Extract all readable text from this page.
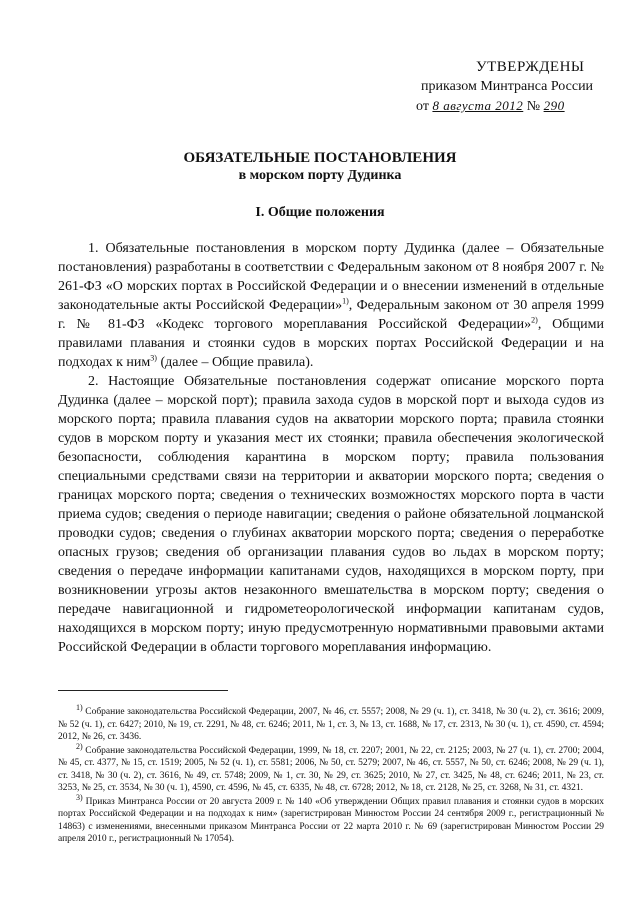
УТВЕРЖДЕНЫ
приказом Минтранса России
от 8 августа 2012 № 290
ОБЯЗАТЕЛЬНЫЕ ПОСТАНОВЛЕНИЯ
в морском порту Дудинка
I. Общие положения

1. Обязательные постановления в морском порту Дудинка (далее – Обязательные постановления) разработаны в соответствии с Федеральным законом от 8 ноября 2007 г. № 261-ФЗ «О морских портах в Российской Федерации и о внесении изменений в отдельные законодательные акты Российской Федерации»$^{1)}$, Федеральным законом от 30 апреля 1999 г. № 81-ФЗ «Кодекс торгового мореплавания Российской Федерации»$^{2)}$, Общими правилами плавания и стоянки судов в морских портах Российской Федерации и на подходах к ним$^{3)}$ (далее – Общие правила).

2. Настоящие Обязательные постановления содержат описание морского порта Дудинка (далее – морской порт); правила захода судов в морской порт и выхода судов из морского порта; правила плавания судов на акватории морского порта; правила стоянки судов в морском порту и указания мест их стоянки; правила обеспечения экологической безопасности, соблюдения карантина в морском порту; правила пользования специальными средствами связи на территории и акватории морского порта; сведения о границах морского порта; сведения о технических возможностях морского порта в части приема судов; сведения о периоде навигации; сведения о районе обязательной лоцманской проводки судов; сведения о глубинах акватории морского порта; сведения о переработке опасных грузов; сведения об организации плавания судов во льдах в морском порту; сведения о передаче информации капитанами судов, находящихся в морском порту, при возникновении угрозы актов незаконного вмешательства в морском порту; сведения о передаче навигационной и гидрометеорологической информации капитанам судов, находящихся в морском порту; иную предусмотренную нормативными правовыми актами Российской Федерации в области торгового мореплавания информацию.

$^{1)}$ Собрание законодательства Российской Федерации, 2007, № 46, ст. 5557; 2008, № 29 (ч. 1), ст. 3418, № 30 (ч. 2), ст. 3616; 2009, № 52 (ч. 1), ст. 6427; 2010, № 19, ст. 2291, № 48, ст. 6246; 2011, № 1, ст. 3, № 13, ст. 1688, № 17, ст. 2313, № 30 (ч. 1), ст. 4590, ст. 4594; 2012, № 26, ст. 3436.

$^{2)}$ Собрание законодательства Российской Федерации, 1999, № 18, ст. 2207; 2001, № 22, ст. 2125; 2003, № 27 (ч. 1), ст. 2700; 2004, № 45, ст. 4377, № 15, ст. 1519; 2005, № 52 (ч. 1), ст. 5581; 2006, № 50, ст. 5279; 2007, № 46, ст. 5557, № 50, ст. 6246; 2008, № 29 (ч. 1), ст. 3418, № 30 (ч. 2), ст. 3616, № 49, ст. 5748; 2009, № 1, ст. 30, № 29, ст. 3625; 2010, № 27, ст. 3425, № 48, ст. 6246; 2011, № 23, ст. 3253, № 25, ст. 3534, № 30 (ч. 1), 4590, ст. 4596, № 45, ст. 6335, № 48, ст. 6728; 2012, № 18, ст. 2128, № 25, ст. 3268, № 31, ст. 4321.

$^{3)}$ Приказ Минтранса России от 20 августа 2009 г. № 140 «Об утверждении Общих правил плавания и стоянки судов в морских портах Российской Федерации и на подходах к ним» (зарегистрирован Минюстом России 24 сентября 2009 г., регистрационный № 14863) с изменениями, внесенными приказом Минтранса России от 22 марта 2010 г. № 69 (зарегистрирован Минюстом России 29 апреля 2010 г., регистрационный № 17054).
